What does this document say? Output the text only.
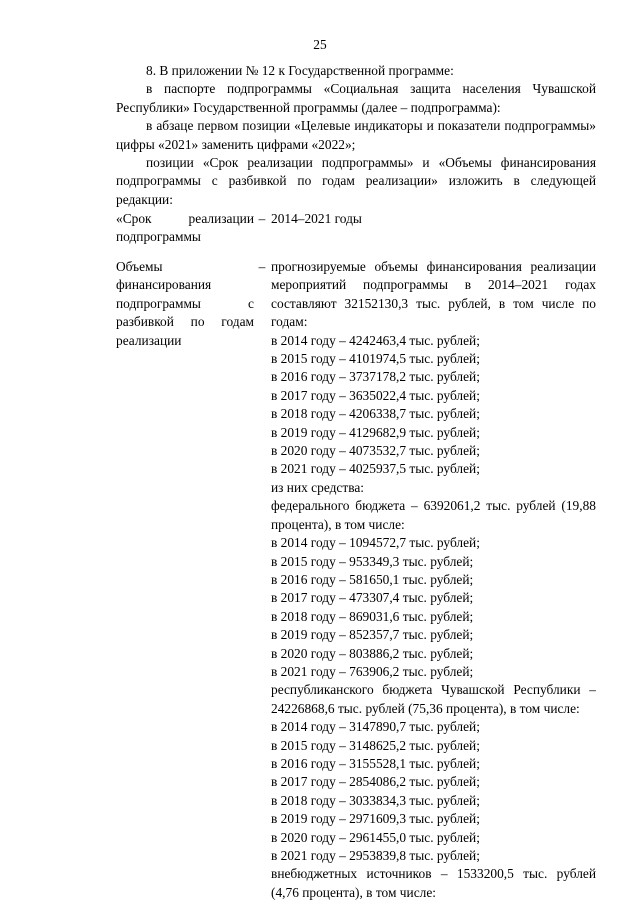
25

8. В приложении № 12 к Государственной программе:

в паспорте подпрограммы «Социальная защита населения Чувашской Республики» Государственной программы (далее – подпрограмма):

в абзаце первом позиции «Целевые индикаторы и показатели подпрограммы» цифры «2021» заменить цифрами «2022»;

позиции «Срок реализации подпрограммы» и «Объемы финансирования подпрограммы с разбивкой по годам реализации» изложить в следующей редакции:

«Срок реализации подпрограммы
– 2014–2021 годы
Объемы финансирования подпрограммы с разбивкой по годам реализации
– прогнозируемые объемы финансирования реализации мероприятий подпрограммы в 2014–2021 годах составляют 32152130,3 тыс. рублей, в том числе по годам:

в 2014 году – 4242463,4 тыс. рублей;

в 2015 году – 4101974,5 тыс. рублей;

в 2016 году – 3737178,2 тыс. рублей;

в 2017 году – 3635022,4 тыс. рублей;

в 2018 году – 4206338,7 тыс. рублей;

в 2019 году – 4129682,9 тыс. рублей;

в 2020 году – 4073532,7 тыс. рублей;

в 2021 году – 4025937,5 тыс. рублей;

из них средства:

федерального бюджета – 6392061,2 тыс. рублей (19,88 процента), в том числе:

в 2014 году – 1094572,7 тыс. рублей;

в 2015 году – 953349,3 тыс. рублей;

в 2016 году – 581650,1 тыс. рублей;

в 2017 году – 473307,4 тыс. рублей;

в 2018 году – 869031,6 тыс. рублей;

в 2019 году – 852357,7 тыс. рублей;

в 2020 году – 803886,2 тыс. рублей;

в 2021 году – 763906,2 тыс. рублей;

республиканского бюджета Чувашской Республики – 24226868,6 тыс. рублей (75,36 процента), в том числе:

в 2014 году – 3147890,7 тыс. рублей;

в 2015 году – 3148625,2 тыс. рублей;

в 2016 году – 3155528,1 тыс. рублей;

в 2017 году – 2854086,2 тыс. рублей;

в 2018 году – 3033834,3 тыс. рублей;

в 2019 году – 2971609,3 тыс. рублей;

в 2020 году – 2961455,0 тыс. рублей;

в 2021 году – 2953839,8 тыс. рублей;

внебюджетных источников – 1533200,5 тыс. рублей (4,76 процента), в том числе:
